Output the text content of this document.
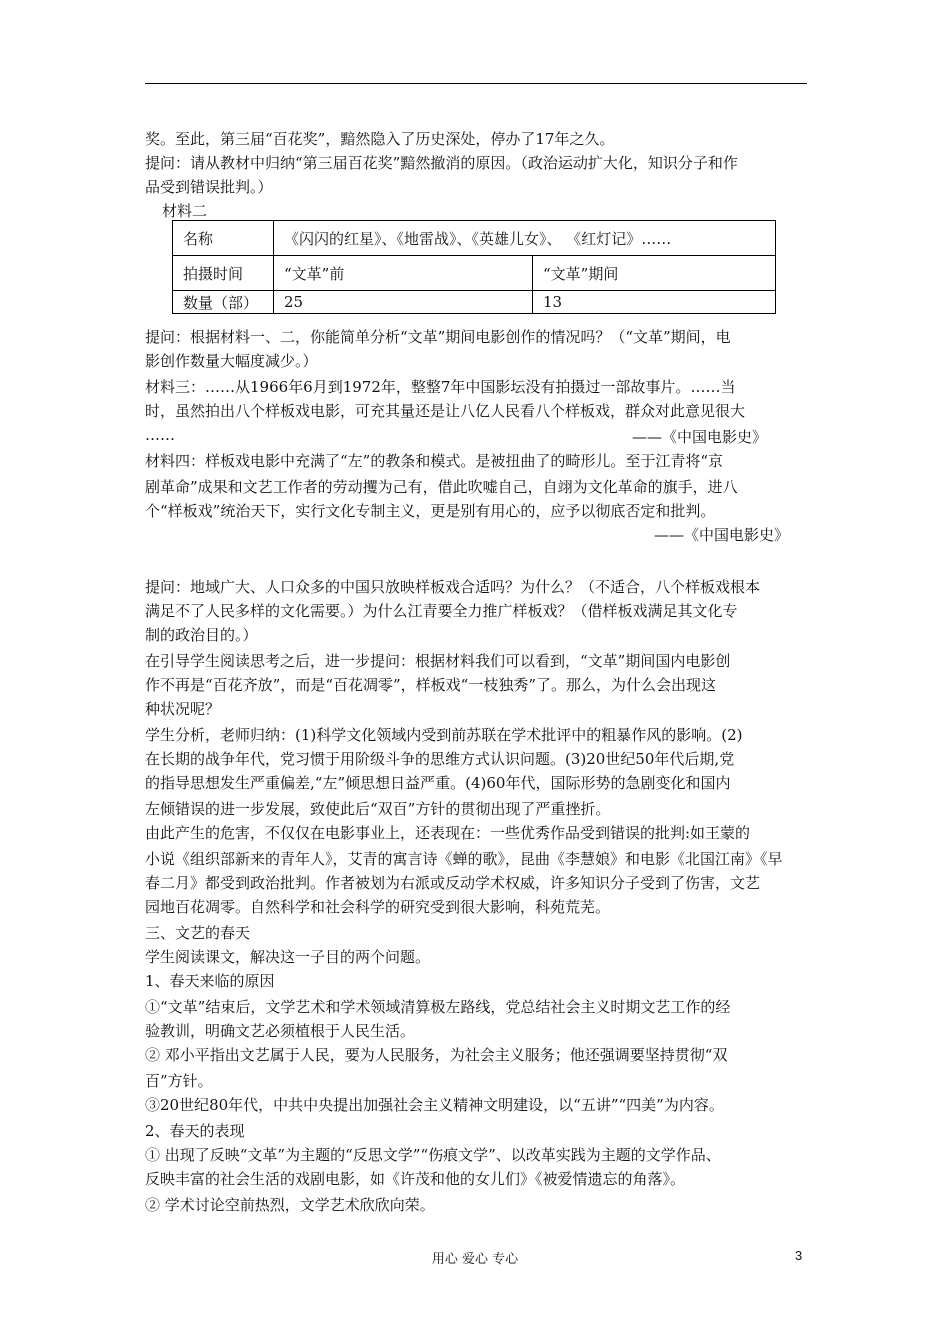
奖。至此，第三届“百花奖”，黯然隐入了历史深处，停办了17年之久。
提问：请从教材中归纳“第三届百花奖”黯然撤消的原因。（政治运动扩大化，知识分子和作
品受到错误批判。）
材料二
名称	《闪闪的红星》、《地雷战》、《英雄儿女》、 《红灯记》……	
拍摄时间	“文革”前	“文革”期间
数量（部）	25	13
提问：根据材料一、二，你能简单分析“文革”期间电影创作的情况吗？（“文革”期间，电
影创作数量大幅度减少。）
材料三：……从1966年6月到1972年，整整7年中国影坛没有拍摄过一部故事片。……当
时，虽然拍出八个样板戏电影，可充其量还是让八亿人民看八个样板戏，群众对此意见很大
……	——《中国电影史》
材料四：样板戏电影中充满了“左”的教条和模式。是被扭曲了的畸形儿。至于江青将“京
剧革命”成果和文艺工作者的劳动攫为己有，借此吹嘘自己，自翊为文化革命的旗手，进八
个“样板戏”统治天下，实行文化专制主义，更是别有用心的，应予以彻底否定和批判。
——《中国电影史》
提问：地域广大、人口众多的中国只放映样板戏合适吗？为什么？（不适合，八个样板戏根本
满足不了人民多样的文化需要。）为什么江青要全力推广样板戏？（借样板戏满足其文化专
制的政治目的。）
在引导学生阅读思考之后，进一步提问：根据材料我们可以看到，“文革”期间国内电影创
作不再是“百花齐放”，而是“百花凋零”，样板戏“一枝独秀”了。那么，为什么会出现这
种状况呢？
学生分析，老师归纳：(1)科学文化领域内受到前苏联在学术批评中的粗暴作风的影响。(2)
在长期的战争年代，党习惯于用阶级斗争的思维方式认识问题。(3)20世纪50年代后期,党
的指导思想发生严重偏差,“左”倾思想日益严重。(4)60年代，国际形势的急剧变化和国内
左倾错误的进一步发展，致使此后“双百”方针的贯彻出现了严重挫折。
由此产生的危害，不仅仅在电影事业上，还表现在：一些优秀作品受到错误的批判:如王蒙的
小说《组织部新来的青年人》，艾青的寓言诗《蝉的歌》，昆曲《李慧娘》和电影《北国江南》《早
春二月》都受到政治批判。作者被划为右派或反动学术权威，许多知识分子受到了伤害，文艺
园地百花凋零。自然科学和社会科学的研究受到很大影响，科苑荒芜。
三、文艺的春天
学生阅读课文，解决这一子目的两个问题。
1、春天来临的原因
①“文革”结束后，文学艺术和学术领域清算极左路线，党总结社会主义时期文艺工作的经
验教训，明确文艺必须植根于人民生活。
② 邓小平指出文艺属于人民，要为人民服务，为社会主义服务；他还强调要坚持贯彻“双
百”方针。
③20世纪80年代，中共中央提出加强社会主义精神文明建设，以“五讲”“四美”为内容。
2、春天的表现
① 出现了反映“文革”为主题的“反思文学”“伤痕文学”、以改革实践为主题的文学作品、
反映丰富的社会生活的戏剧电影，如《许茂和他的女儿们》《被爱情遗忘的角落》。
② 学术讨论空前热烈，文学艺术欣欣向荣。
用心 爱心 专心	3
